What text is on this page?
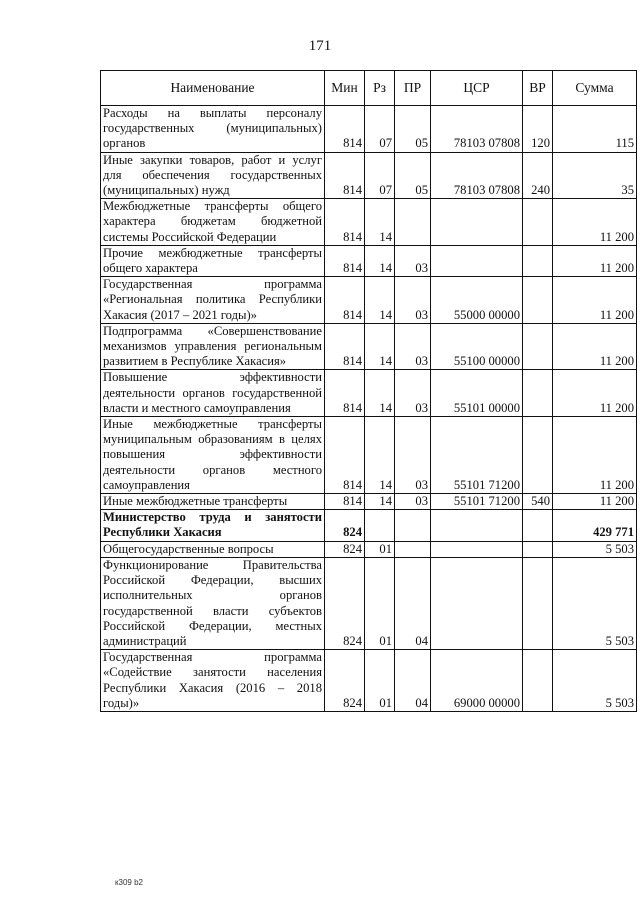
171
Наименование	Мин	Рз	ПР	ЦСР	ВР	Сумма
Расходы на выплаты персоналу государственных (муниципальных) органов	814	07	05	78103 07808	120	115
Иные закупки товаров, работ и услуг для обеспечения государственных (муниципальных) нужд	814	07	05	78103 07808	240	35
Межбюджетные трансферты общего характера бюджетам бюджетной системы Российской Федерации	814	14				11 200
Прочие межбюджетные трансферты общего характера	814	14	03			11 200
Государственная программа «Региональная политика Республики Хакасия (2017 – 2021 годы)»	814	14	03	55000 00000		11 200
Подпрограмма «Совершенствование механизмов управления региональным развитием в Республике Хакасия»	814	14	03	55100 00000		11 200
Повышение эффективности деятельности органов государственной власти и местного самоуправления	814	14	03	55101 00000		11 200
Иные межбюджетные трансферты муниципальным образованиям в целях повышения эффективности деятельности органов местного самоуправления	814	14	03	55101 71200		11 200
Иные межбюджетные трансферты	814	14	03	55101 71200	540	11 200
Министерство труда и занятости Республики Хакасия	824					429 771
Общегосударственные вопросы	824	01				5 503
Функционирование Правительства Российской Федерации, высших исполнительных органов государственной власти субъектов Российской Федерации, местных администраций	824	01	04			5 503
Государственная программа «Содействие занятости населения Республики Хакасия (2016 – 2018 годы)»	824	01	04	69000 00000		5 503
к309 b2
